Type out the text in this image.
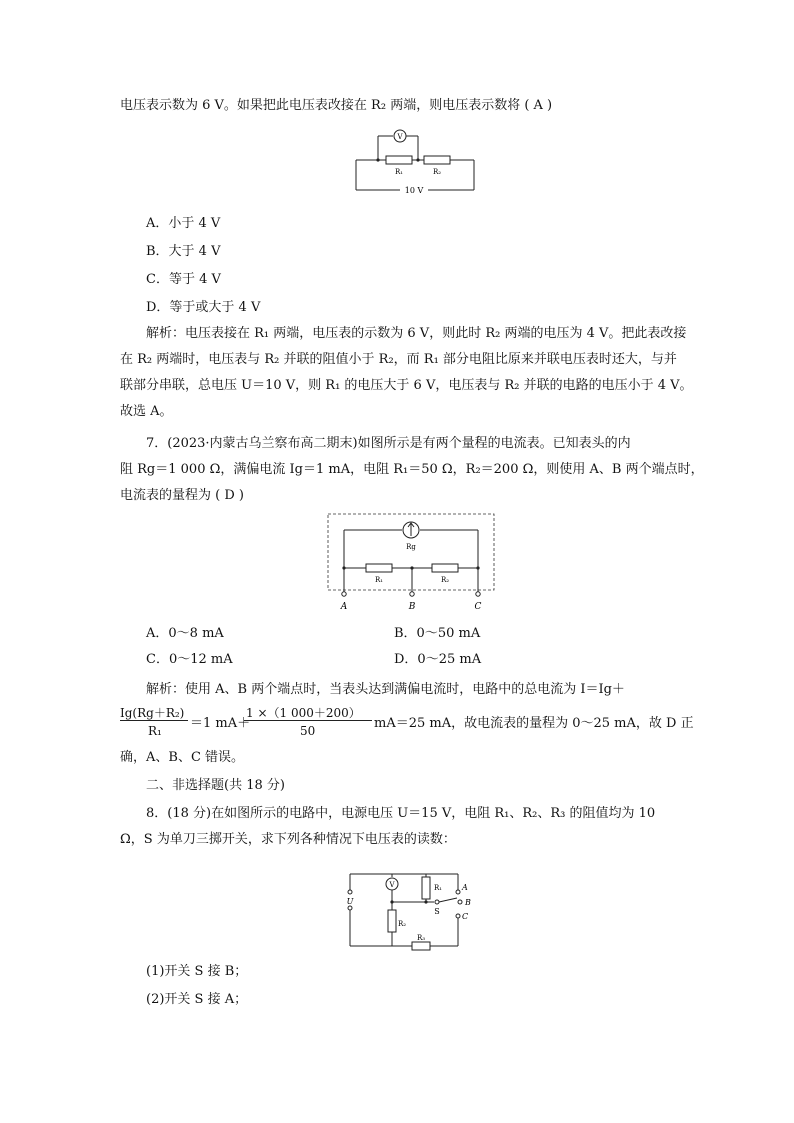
电压表示数为 6 V。如果把此电压表改接在 R₂ 两端，则电压表示数将 ( A )
V
R₁	R₂
10 V
A．小于 4 V
B．大于 4 V
C．等于 4 V
D．等于或大于 4 V
解析：电压表接在 R₁ 两端，电压表的示数为 6 V，则此时 R₂ 两端的电压为 4 V。把此表改接
在 R₂ 两端时，电压表与 R₂ 并联的阻值小于 R₂，而 R₁ 部分电阻比原来并联电压表时还大，与并
联部分串联，总电压 U＝10 V，则 R₁ 的电压大于 6 V，电压表与 R₂ 并联的电路的电压小于 4 V。
故选 A。
7．(2023·内蒙古乌兰察布高二期末)如图所示是有两个量程的电流表。已知表头的内
阻 Rg＝1 000 Ω，满偏电流 Ig＝1 mA，电阻 R₁＝50 Ω，R₂＝200 Ω，则使用 A、B 两个端点时，
电流表的量程为 ( D )
Rg
R₁	R₂
A	B	C
A．0～8 mA	B．0～50 mA
C．0～12 mA	D．0～25 mA
解析：使用 A、B 两个端点时，当表头达到满偏电流时，电路中的总电流为 I＝Ig＋
Ig(Rg＋R₂)
R₁ ＝1 mA＋
1 ×（1 000＋200）
50	mA＝25 mA，故电流表的量程为 0～25 mA，故 D 正
确，A、B、C 错误。
二、非选择题(共 18 分)
8．(18 分)在如图所示的电路中，电源电压 U＝15 V，电阻 R₁、R₂、R₃ 的阻值均为 10
Ω，S 为单刀三掷开关，求下列各种情况下电压表的读数：
V
U
R₁
R₂
R₃
S
A
B
C
(1)开关 S 接 B；
(2)开关 S 接 A；
